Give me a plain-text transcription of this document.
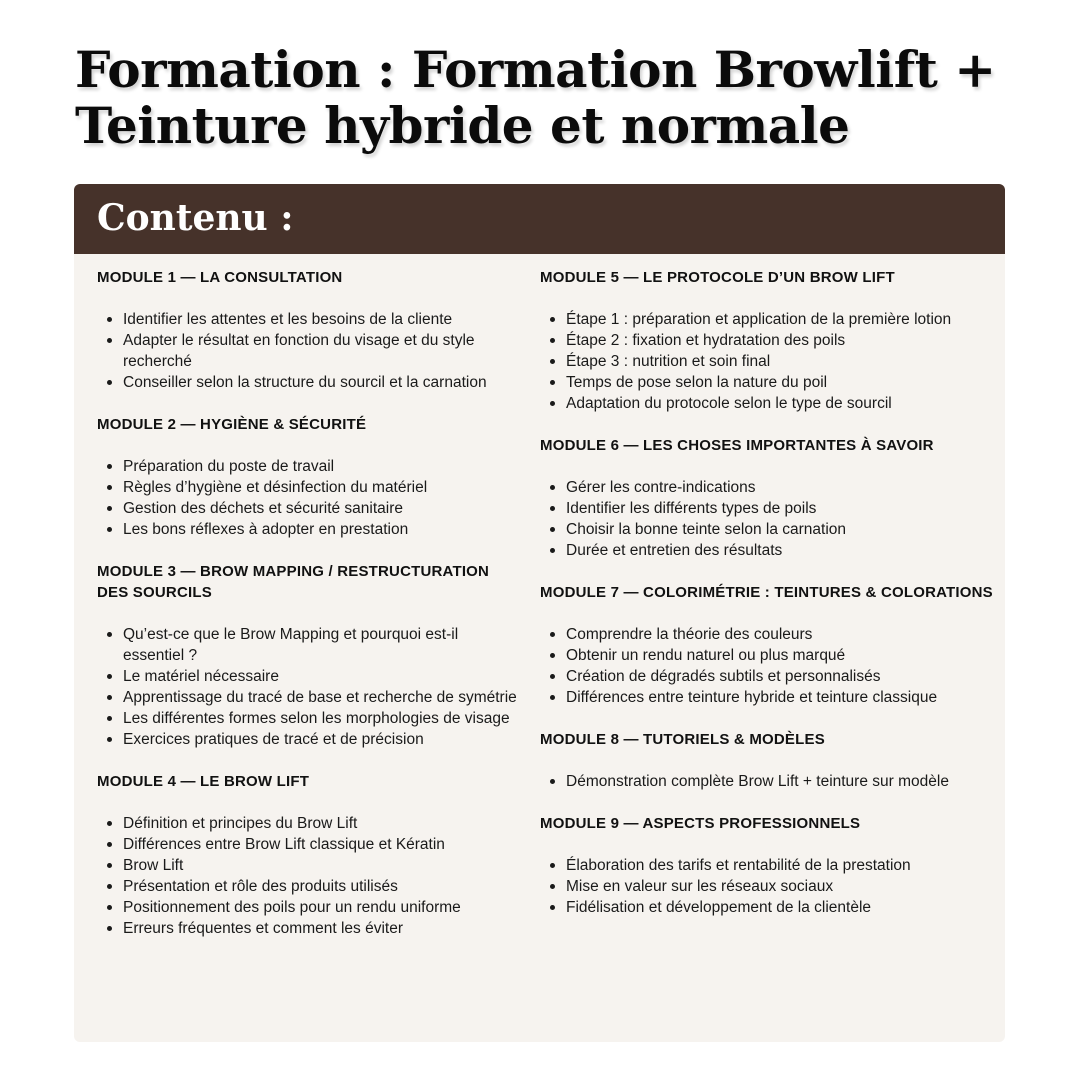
Formation : Formation Browlift + Teinture hybride et normale
Contenu :
MODULE 1 — LA CONSULTATION
Identifier les attentes et les besoins de la cliente
Adapter le résultat en fonction du visage et du style recherché
Conseiller selon la structure du sourcil et la carnation
MODULE 2 — HYGIÈNE & SÉCURITÉ
Préparation du poste de travail
Règles d’hygiène et désinfection du matériel
Gestion des déchets et sécurité sanitaire
Les bons réflexes à adopter en prestation
MODULE 3 — BROW MAPPING / RESTRUCTURATION DES SOURCILS
Qu’est-ce que le Brow Mapping et pourquoi est-il essentiel ?
Le matériel nécessaire
Apprentissage du tracé de base et recherche de symétrie
Les différentes formes selon les morphologies de visage
Exercices pratiques de tracé et de précision
MODULE 4 — LE BROW LIFT
Définition et principes du Brow Lift
Différences entre Brow Lift classique et Kératin
Brow Lift
Présentation et rôle des produits utilisés
Positionnement des poils pour un rendu uniforme
Erreurs fréquentes et comment les éviter
MODULE 5 — LE PROTOCOLE D’UN BROW LIFT
Étape 1 : préparation et application de la première lotion
Étape 2 : fixation et hydratation des poils
Étape 3 : nutrition et soin final
Temps de pose selon la nature du poil
Adaptation du protocole selon le type de sourcil
MODULE 6 — LES CHOSES IMPORTANTES À SAVOIR
Gérer les contre-indications
Identifier les différents types de poils
Choisir la bonne teinte selon la carnation
Durée et entretien des résultats
MODULE 7 — COLORIMÉTRIE : TEINTURES & COLORATIONS
Comprendre la théorie des couleurs
Obtenir un rendu naturel ou plus marqué
Création de dégradés subtils et personnalisés
Différences entre teinture hybride et teinture classique
MODULE 8 — TUTORIELS & MODÈLES
Démonstration complète Brow Lift + teinture sur modèle
MODULE 9 — ASPECTS PROFESSIONNELS
Élaboration des tarifs et rentabilité de la prestation
Mise en valeur sur les réseaux sociaux
Fidélisation et développement de la clientèle
